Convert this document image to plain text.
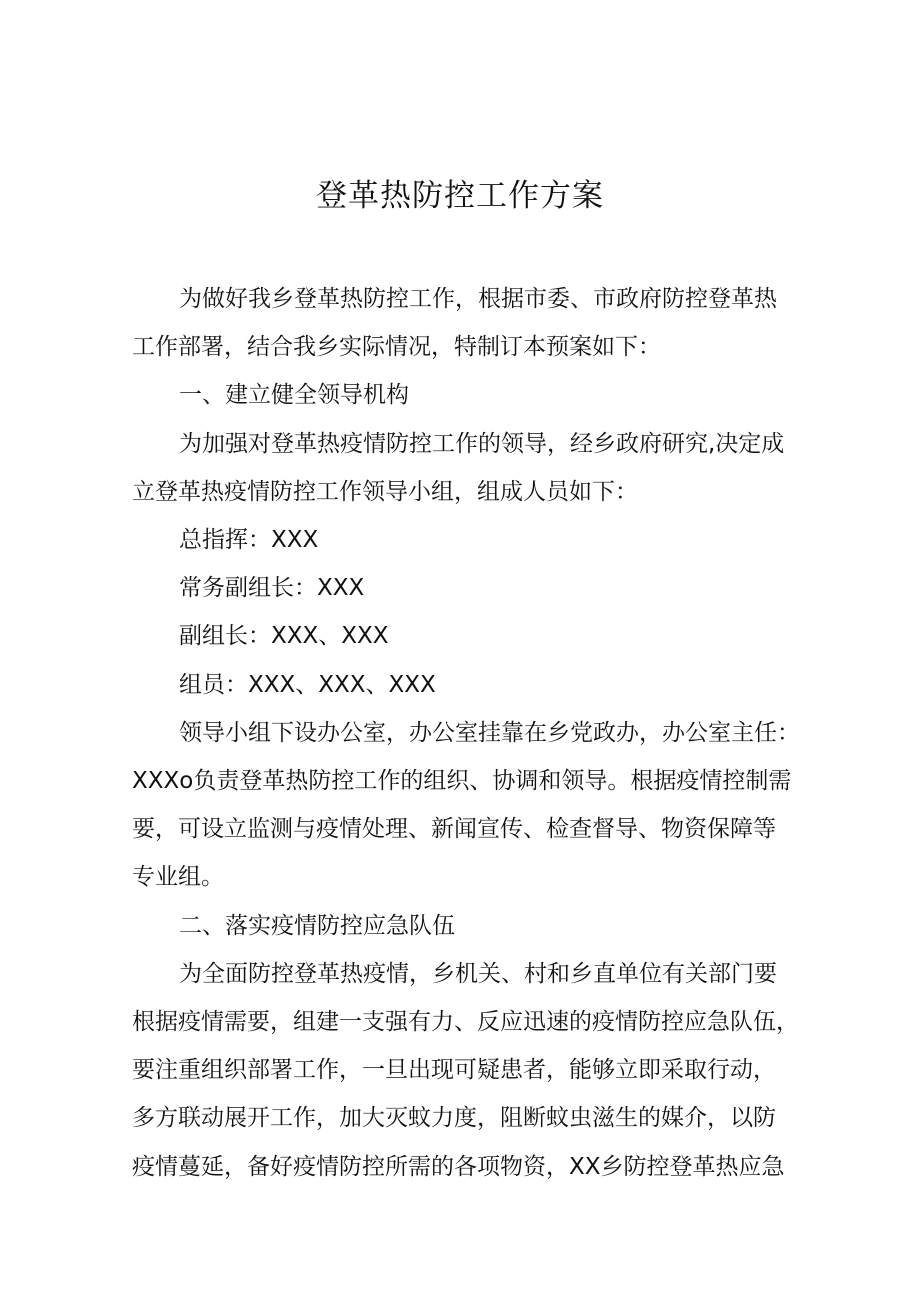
登革热防控工作方案

为做好我乡登革热防控工作，根据市委、市政府防控登革热
工作部署，结合我乡实际情况，特制订本预案如下：

一、建立健全领导机构

为加强对登革热疫情防控工作的领导，经乡政府研究,决定成
立登革热疫情防控工作领导小组，组成人员如下：

总指挥：XXX

常务副组长：XXX

副组长：XXX、XXX

组员：XXX、XXX、XXX

领导小组下设办公室，办公室挂靠在乡党政办，办公室主任：
XXXo负责登革热防控工作的组织、协调和领导。根据疫情控制需
要，可设立监测与疫情处理、新闻宣传、检查督导、物资保障等
专业组。

二、落实疫情防控应急队伍

为全面防控登革热疫情，乡机关、村和乡直单位有关部门要
根据疫情需要，组建一支强有力、反应迅速的疫情防控应急队伍，
要注重组织部署工作，一旦出现可疑患者，能够立即采取行动，
多方联动展开工作，加大灭蚊力度，阻断蚊虫滋生的媒介，以防
疫情蔓延，备好疫情防控所需的各项物资，XX乡防控登革热应急
